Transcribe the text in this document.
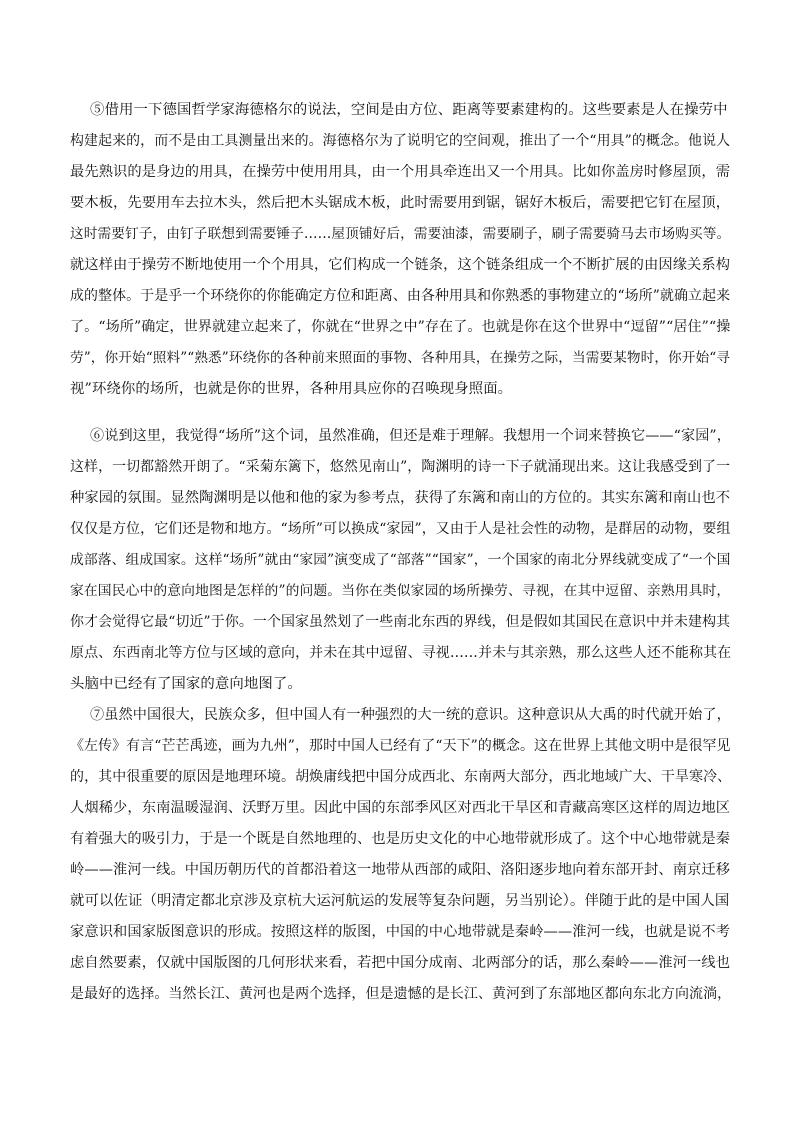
⑤借用一下德国哲学家海德格尔的说法，空间是由方位、距离等要素建构的。这些要素是人在操劳中
构建起来的，而不是由工具测量出来的。海德格尔为了说明它的空间观，推出了一个“用具”的概念。他说人
最先熟识的是身边的用具，在操劳中使用用具，由一个用具牵连出又一个用具。比如你盖房时修屋顶，需
要木板，先要用车去拉木头，然后把木头锯成木板，此时需要用到锯，锯好木板后，需要把它钉在屋顶，
这时需要钉子，由钉子联想到需要锤子……屋顶铺好后，需要油漆，需要刷子，刷子需要骑马去市场购买等。
就这样由于操劳不断地使用一个个用具，它们构成一个链条，这个链条组成一个不断扩展的由因缘关系构
成的整体。于是乎一个环绕你的你能确定方位和距离、由各种用具和你熟悉的事物建立的“场所”就确立起来
了。“场所”确定，世界就建立起来了，你就在“世界之中”存在了。也就是你在这个世界中“逗留”“居住”“操
劳”，你开始“照料”“熟悉”环绕你的各种前来照面的事物、各种用具，在操劳之际，当需要某物时，你开始“寻
视”环绕你的场所，也就是你的世界，各种用具应你的召唤现身照面。
⑥说到这里，我觉得“场所”这个词，虽然准确，但还是难于理解。我想用一个词来替换它——“家园”，
这样，一切都豁然开朗了。“采菊东篱下，悠然见南山”，陶渊明的诗一下子就涌现出来。这让我感受到了一
种家园的氛围。显然陶渊明是以他和他的家为参考点，获得了东篱和南山的方位的。其实东篱和南山也不
仅仅是方位，它们还是物和地方。“场所”可以换成“家园”，又由于人是社会性的动物，是群居的动物，要组
成部落、组成国家。这样“场所”就由“家园”演变成了“部落”“国家”，一个国家的南北分界线就变成了“一个国
家在国民心中的意向地图是怎样的”的问题。当你在类似家园的场所操劳、寻视，在其中逗留、亲熟用具时，
你才会觉得它最“切近”于你。一个国家虽然划了一些南北东西的界线，但是假如其国民在意识中并未建构其
原点、东西南北等方位与区域的意向，并未在其中逗留、寻视……并未与其亲熟，那么这些人还不能称其在
头脑中已经有了国家的意向地图了。
⑦虽然中国很大，民族众多，但中国人有一种强烈的大一统的意识。这种意识从大禹的时代就开始了，
《左传》有言“芒芒禹迹，画为九州”，那时中国人已经有了“天下”的概念。这在世界上其他文明中是很罕见
的，其中很重要的原因是地理环境。胡焕庸线把中国分成西北、东南两大部分，西北地域广大、干旱寒冷、
人烟稀少，东南温暖湿润、沃野万里。因此中国的东部季风区对西北干旱区和青藏高寒区这样的周边地区
有着强大的吸引力，于是一个既是自然地理的、也是历史文化的中心地带就形成了。这个中心地带就是秦
岭——淮河一线。中国历朝历代的首都沿着这一地带从西部的咸阳、洛阳逐步地向着东部开封、南京迁移
就可以佐证（明清定都北京涉及京杭大运河航运的发展等复杂问题，另当别论）。伴随于此的是中国人国
家意识和国家版图意识的形成。按照这样的版图，中国的中心地带就是秦岭——淮河一线，也就是说不考
虑自然要素，仅就中国版图的几何形状来看，若把中国分成南、北两部分的话，那么秦岭——淮河一线也
是最好的选择。当然长江、黄河也是两个选择，但是遗憾的是长江、黄河到了东部地区都向东北方向流淌，
